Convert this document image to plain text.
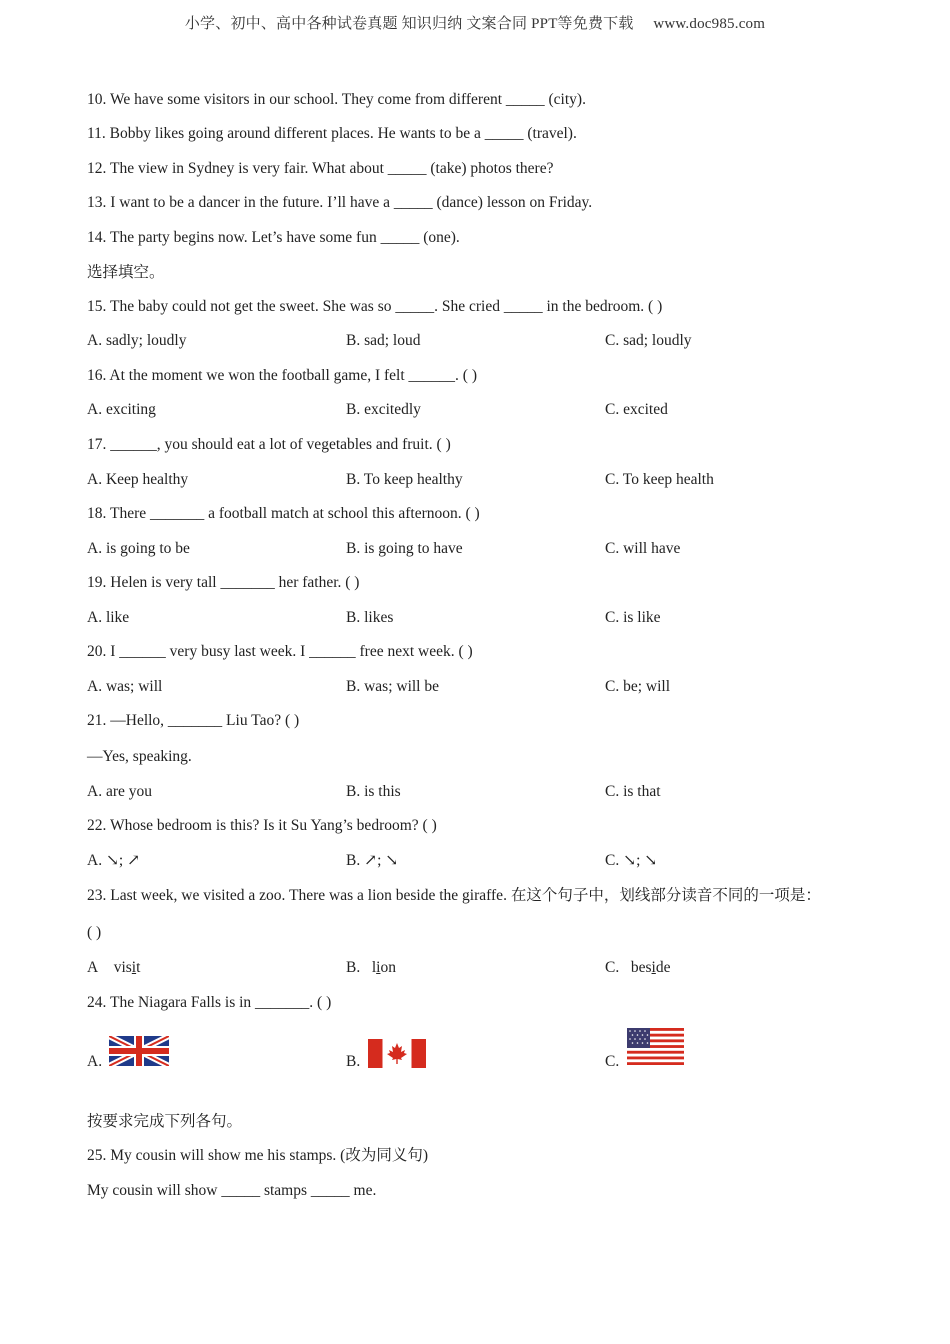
小学、初中、高中各种试卷真题 知识归纳 文案合同 PPT等免费下载 www.doc985.com
10. We have some visitors in our school. They come from different _____ (city).
11. Bobby likes going around different places. He wants to be a _____ (travel).
12. The view in Sydney is very fair. What about _____ (take) photos there?
13. I want to be a dancer in the future. I’ll have a _____ (dance) lesson on Friday.
14. The party begins now. Let’s have some fun _____ (one).
选择填空。
15. The baby could not get the sweet. She was so _____. She cried _____ in the bedroom. ( )
A. sadly; loudly	B. sad; loud	C. sad; loudly
16. At the moment we won the football game, I felt ______. ( )
A. exciting	B. excitedly	C. excited
17. ______, you should eat a lot of vegetables and fruit. ( )
A. Keep healthy	B. To keep healthy	C. To keep health
18. There _______ a football match at school this afternoon. ( )
A. is going to be	B. is going to have	C. will have
19. Helen is very tall _______ her father. ( )
A. like	B. likes	C. is like
20. I ______ very busy last week. I ______ free next week. ( )
A. was; will	B. was; will be	C. be; will
21. —Hello, _______ Liu Tao? ( )
—Yes, speaking.
A. are you	B. is this	C. is that
22. Whose bedroom is this? Is it Su Yang’s bedroom? ( )
A. ↘; ↗	B. ↗; ↘	C. ↘; ↘
23. Last week, we visited a zoo. There was a lion beside the giraffe. 在这个句子中，划线部分读音不同的一项是：
( )
A visit	B. lion	C. beside
24. The Niagara Falls is in _______. ( )
A.	B.	C.
按要求完成下列各句。
25. My cousin will show me his stamps. (改为同义句)
My cousin will show _____ stamps _____ me.
